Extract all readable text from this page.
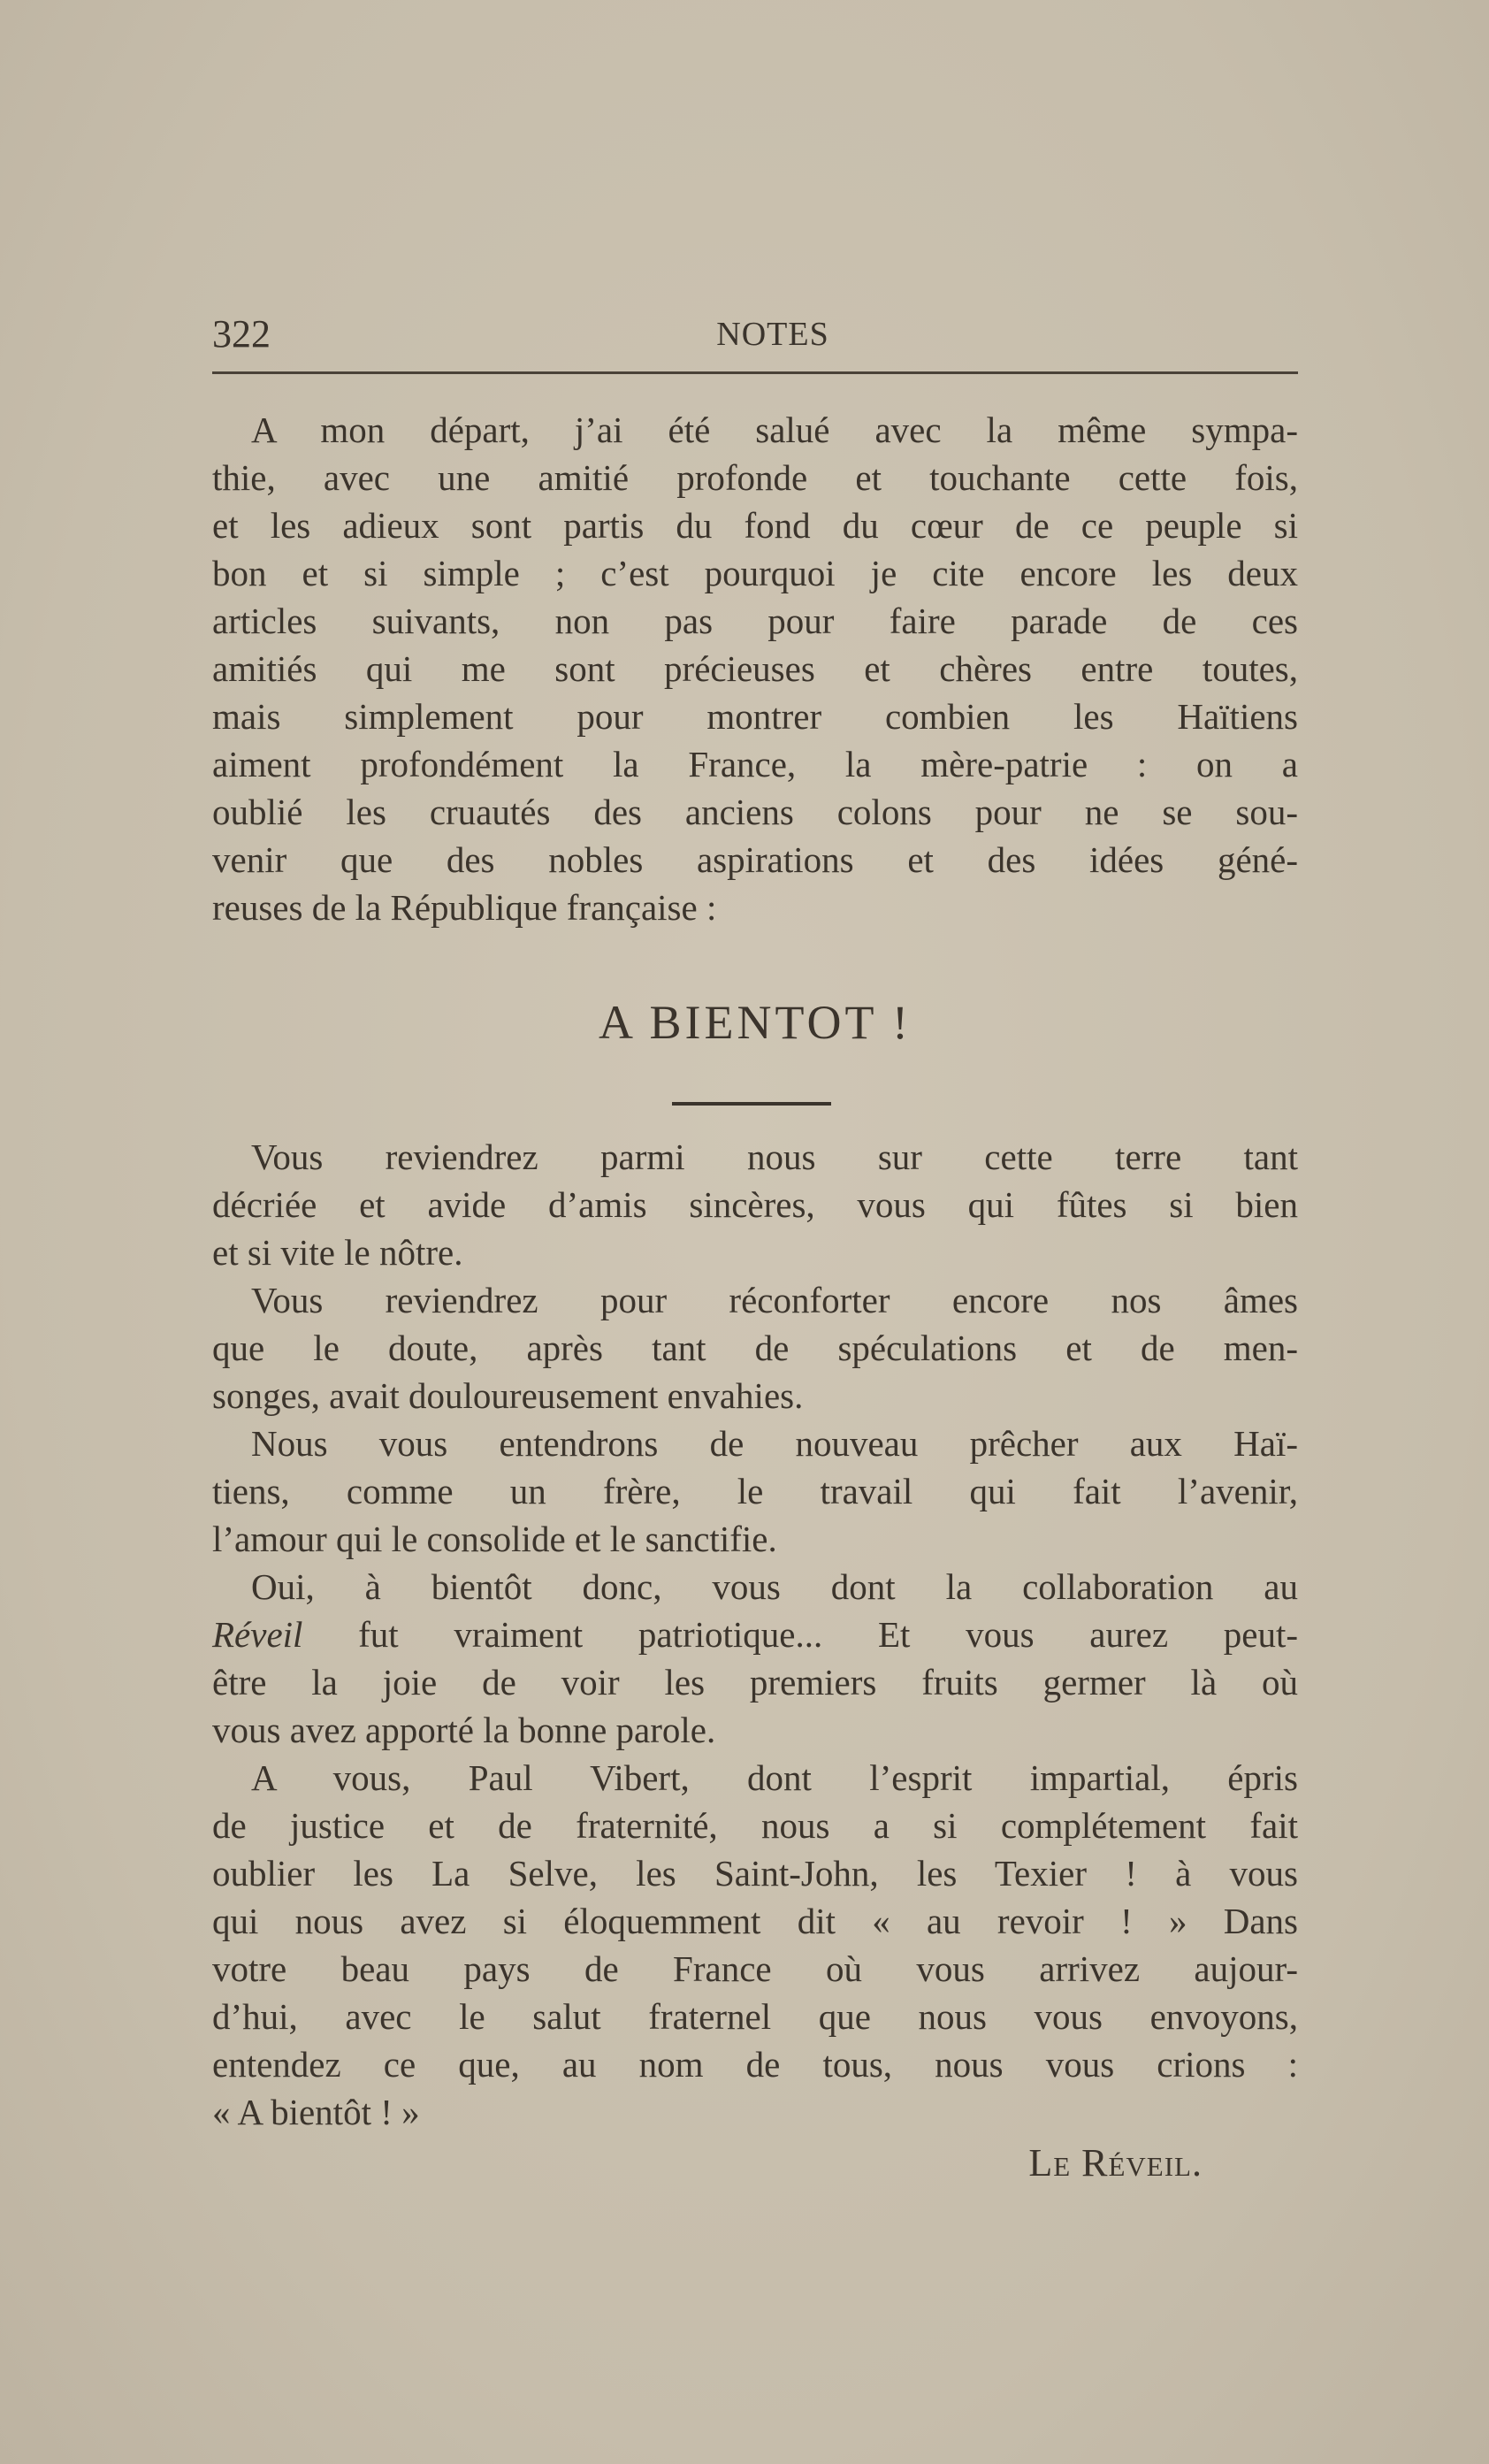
322	NOTES
A mon départ, j’ai été salué avec la même sympa-
thie, avec une amitié profonde et touchante cette fois,
et les adieux sont partis du fond du cœur de ce peuple si
bon et si simple ; c’est pourquoi je cite encore les deux
articles suivants, non pas pour faire parade de ces
amitiés qui me sont précieuses et chères entre toutes,
mais simplement pour montrer combien les Haïtiens
aiment profondément la France, la mère-patrie : on a
oublié les cruautés des anciens colons pour ne se sou-
venir que des nobles aspirations et des idées géné-
reuses de la République française :
A BIENTOT !
Vous reviendrez parmi nous sur cette terre tant
décriée et avide d’amis sincères, vous qui fûtes si bien
et si vite le nôtre.
Vous reviendrez pour réconforter encore nos âmes
que le doute, après tant de spéculations et de men-
songes, avait douloureusement envahies.
Nous vous entendrons de nouveau prêcher aux Haï-
tiens, comme un frère, le travail qui fait l’avenir,
l’amour qui le consolide et le sanctifie.
Oui, à bientôt donc, vous dont la collaboration au
Réveil fut vraiment patriotique... Et vous aurez peut-
être la joie de voir les premiers fruits germer là où
vous avez apporté la bonne parole.
A vous, Paul Vibert, dont l’esprit impartial, épris
de justice et de fraternité, nous a si complétement fait
oublier les La Selve, les Saint-John, les Texier ! à vous
qui nous avez si éloquemment dit « au revoir ! » Dans
votre beau pays de France où vous arrivez aujour-
d’hui, avec le salut fraternel que nous vous envoyons,
entendez ce que, au nom de tous, nous vous crions :
« A bientôt ! »
Le Réveil.
